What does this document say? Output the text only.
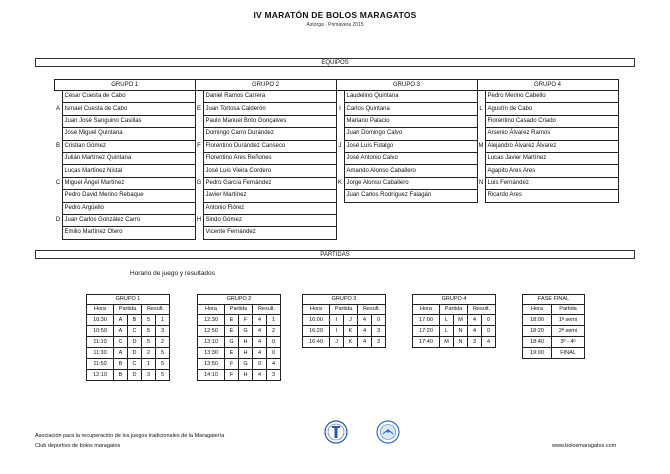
IV MARATÓN DE BOLOS MARAGATOS
Astorga · Primavera 2015
EQUIPOS
GRUPO 1		GRUPO 2		GRUPO 3		GRUPO 4	
	César Cuesta de Cabo		Daniel Ramos Carrera		Laudelino Quintana		Pedro Merino Cabello
A	Ismael Cuesta de Cabo	E	Juan Tortosa Calderón	I	Carlos Quintana	L	Agustín de Cabo
	Juan José Sanguino Casillas		Paulo Manuel Brito Gonçalves		Mariano Palacio		Florentino Casado Criado
	José Miguel Quintana		Domingo Carro Durández		Juan Domingo Calvo		Arsenio Álvarez Ramos
B	Cristian Gómez	F	Florentino Durández Canseco	J	José Luis Fidalgo	M	Alejandro Álvarez Álvarez
	Julián Martínez Quintana		Florentino Ares Reñones		José Antonio Calvo		Lucas Javier Martínez
	Lucas Martínez Nistal		José Luis Vieira Cordero		Amando Alonso Caballero		Agapito Ares Ares
C	Miguel Ángel Martínez	G	Pedro García Fernández	K	Jorge Alonso Caballero	N	Luis Fernández
	Pedro David Merino Rebaque		Javier Martínez		Juan Carlos Rodríguez Falagán		Ricardo Ares
	Pedro Argüello		Antonio Flórez				
D	Juan Carlos González Carro	H	Sindo Gómez				
	Emilio Martínez Otero		Vicente Fernández				
PARTIDAS
Horario de juego y resultados
GRUPO 1				
Hora	Partida		Result.	
10:30	A	B	5	1
10:50	A	C	5	3
11:10	C	D	5	2
11:30	A	D	2	5
11:50	B	C	1	5
12:10	B	D	3	5
GRUPO 2				
Hora	Partida		Result.	
12:30	E	F	4	1
12:50	E	G	4	2
13:10	G	H	4	0
13:30	E	H	4	0
13:50	F	G	0	4
14:10	F	H	4	3
GRUPO 3				
Hora	Partida		Result.	
16:00	I	J	4	0
16:20	I	K	4	3
16:40	J	K	4	3
GRUPO 4				
Hora	Partida		Result.	
17:00	L	M	4	0
17:20	L	N	4	0
17:40	M	N	3	4
FASE FINAL	
Hora	Partida
18:00	1ª semi
18:20	2ª semi
18:40	3º - 4º
19:00	FINAL
Asociación para la recuperación de los juegos tradicionales de la Maragatería
Club deportivo de bolos maragatos	www.bolosmaragatos.com
